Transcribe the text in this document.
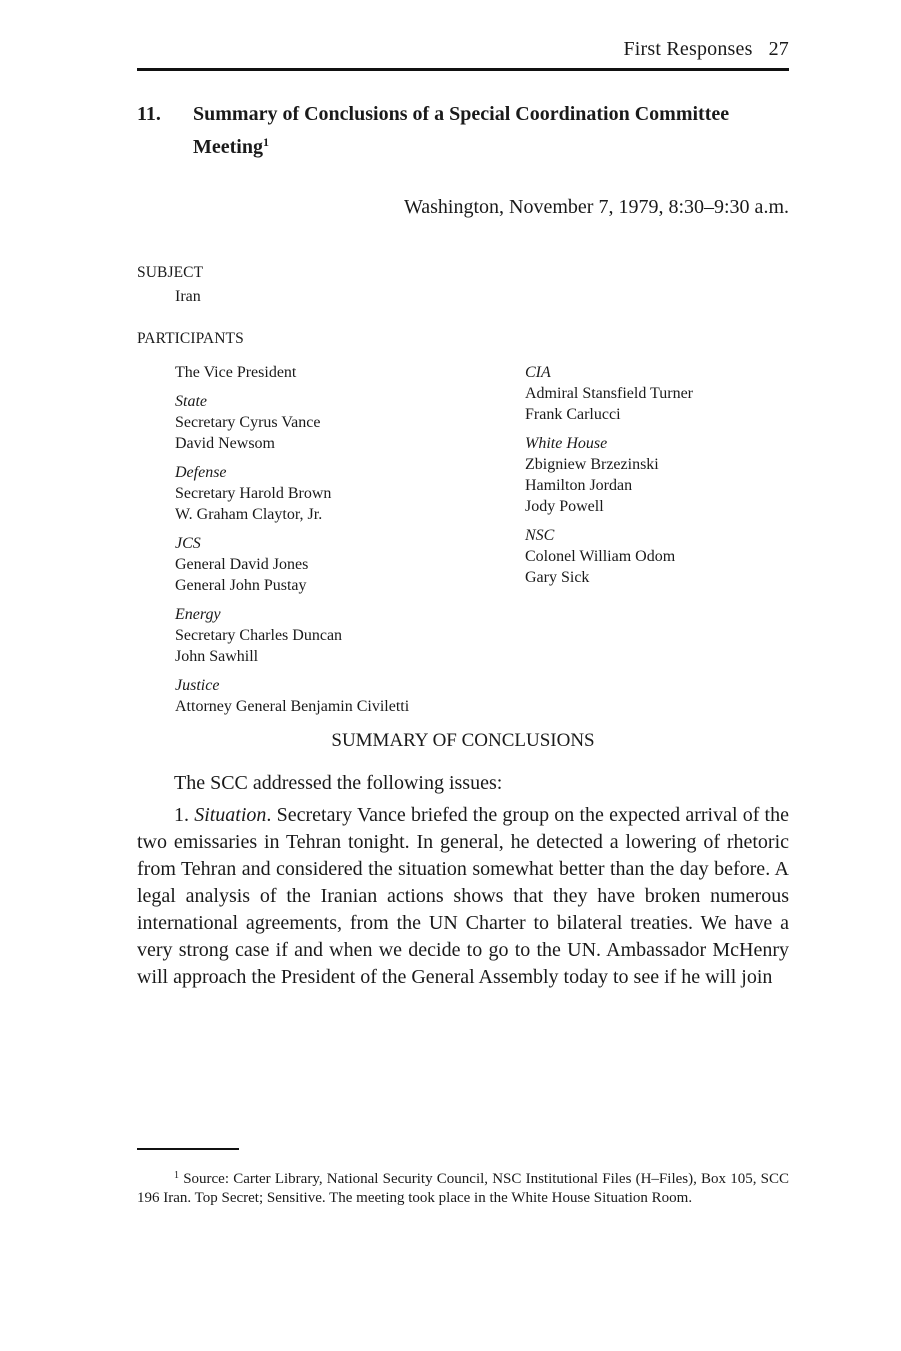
First Responses 27
11. Summary of Conclusions of a Special Coordination Committee Meeting$^1$
Washington, November 7, 1979, 8:30–9:30 a.m.
SUBJECT
Iran
PARTICIPANTS
The Vice President
State
Secretary Cyrus Vance
David Newsom
Defense
Secretary Harold Brown
W. Graham Claytor, Jr.
JCS
General David Jones
General John Pustay
Energy
Secretary Charles Duncan
John Sawhill
Justice
Attorney General Benjamin Civiletti
CIA
Admiral Stansfield Turner
Frank Carlucci
White House
Zbigniew Brzezinski
Hamilton Jordan
Jody Powell
NSC
Colonel William Odom
Gary Sick
SUMMARY OF CONCLUSIONS
The SCC addressed the following issues:
1. Situation. Secretary Vance briefed the group on the expected arrival of the two emissaries in Tehran tonight. In general, he detected a lowering of rhetoric from Tehran and considered the situation somewhat better than the day before. A legal analysis of the Iranian actions shows that they have broken numerous international agreements, from the UN Charter to bilateral treaties. We have a very strong case if and when we decide to go to the UN. Ambassador McHenry will approach the President of the General Assembly today to see if he will join
$^1$ Source: Carter Library, National Security Council, NSC Institutional Files (H–Files), Box 105, SCC 196 Iran. Top Secret; Sensitive. The meeting took place in the White House Situation Room.
